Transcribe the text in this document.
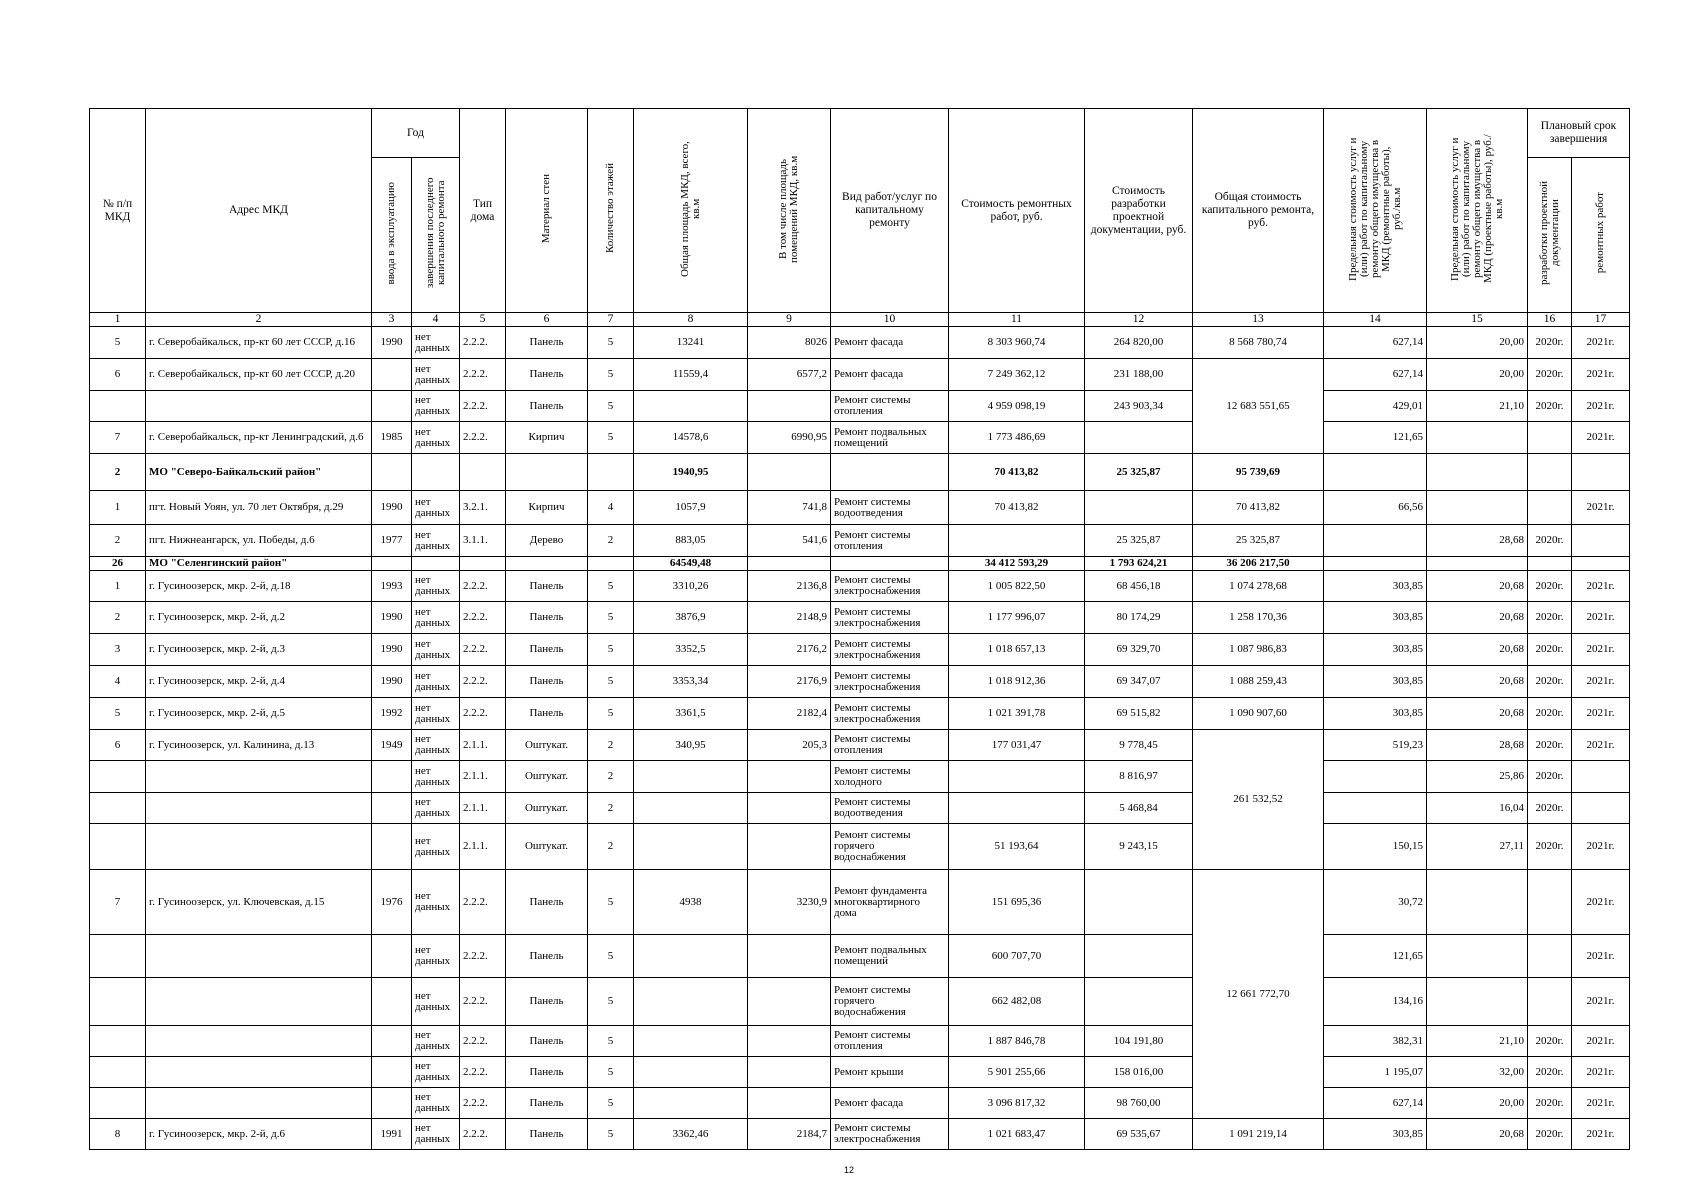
№ п/п МКД	Адрес МКД	Год		Тип дома	Материал стен	Количество этажей	Общая площадь МКД, всего, кв.м	В том числе площадь помещений МКД, кв.м	Вид работ/услуг по капитальному ремонту	Стоимость ремонтных работ, руб.	Стоимость разработки проектной документации, руб.	Общая стоимость капитального ремонта, руб.	Предельная стоимость услуг и (или) работ по капитальному ремонту общего имущества в МКД (ремонтные работы), руб./кв.м	Предельная стоимость услуг и (или) работ по капитальному ремонту общего имущества в МКД (проектные работы), руб./кв.м	Плановый срок завершения	
		ввода в эксплуатацию	завершения последнего капитального ремонта												разработки проектной документации	ремонтных работ
1	2	3	4	5	6	7	8	9	10	11	12	13	14	15	16	17
5	г. Северобайкальск, пр-кт 60 лет СССР, д.16	1990	нет данных	2.2.2.	Панель	5	13241	8026	Ремонт фасада	8 303 960,74	264 820,00	8 568 780,74	627,14	20,00	2020г.	2021г.
6	г. Северобайкальск, пр-кт 60 лет СССР, д.20		нет данных	2.2.2.	Панель	5	11559,4	6577,2	Ремонт фасада	7 249 362,12	231 188,00	12 683 551,65	627,14	20,00	2020г.	2021г.
			нет данных	2.2.2.	Панель	5			Ремонт системы отопления	4 959 098,19	243 903,34		429,01	21,10	2020г.	2021г.
7	г. Северобайкальск, пр-кт Ленинградский, д.6	1985	нет данных	2.2.2.	Кирпич	5	14578,6	6990,95	Ремонт подвальных помещений	1 773 486,69			121,65			2021г.
2	МО "Северо-Байкальский район"						1940,95			70 413,82	25 325,87	95 739,69				
1	пгт. Новый Уоян, ул. 70 лет Октября, д.29	1990	нет данных	3.2.1.	Кирпич	4	1057,9	741,8	Ремонт системы водоотведения	70 413,82		70 413,82	66,56			2021г.
2	пгт. Нижнеангарск, ул. Победы, д.6	1977	нет данных	3.1.1.	Дерево	2	883,05	541,6	Ремонт системы отопления		25 325,87	25 325,87		28,68	2020г.	
26	МО "Селенгинский район"						64549,48			34 412 593,29	1 793 624,21	36 206 217,50				
1	г. Гусиноозерск, мкр. 2-й, д.18	1993	нет данных	2.2.2.	Панель	5	3310,26	2136,8	Ремонт системы электроснабжения	1 005 822,50	68 456,18	1 074 278,68	303,85	20,68	2020г.	2021г.
2	г. Гусиноозерск, мкр. 2-й, д.2	1990	нет данных	2.2.2.	Панель	5	3876,9	2148,9	Ремонт системы электроснабжения	1 177 996,07	80 174,29	1 258 170,36	303,85	20,68	2020г.	2021г.
3	г. Гусиноозерск, мкр. 2-й, д.3	1990	нет данных	2.2.2.	Панель	5	3352,5	2176,2	Ремонт системы электроснабжения	1 018 657,13	69 329,70	1 087 986,83	303,85	20,68	2020г.	2021г.
4	г. Гусиноозерск, мкр. 2-й, д.4	1990	нет данных	2.2.2.	Панель	5	3353,34	2176,9	Ремонт системы электроснабжения	1 018 912,36	69 347,07	1 088 259,43	303,85	20,68	2020г.	2021г.
5	г. Гусиноозерск, мкр. 2-й, д.5	1992	нет данных	2.2.2.	Панель	5	3361,5	2182,4	Ремонт системы электроснабжения	1 021 391,78	69 515,82	1 090 907,60	303,85	20,68	2020г.	2021г.
6	г. Гусиноозерск, ул. Калинина, д.13	1949	нет данных	2.1.1.	Оштукат.	2	340,95	205,3	Ремонт системы отопления	177 031,47	9 778,45	261 532,52	519,23	28,68	2020г.	2021г.
			нет данных	2.1.1.	Оштукат.	2			Ремонт системы холодного		8 816,97			25,86	2020г.	
			нет данных	2.1.1.	Оштукат.	2			Ремонт системы водоотведения		5 468,84			16,04	2020г.	
			нет данных	2.1.1.	Оштукат.	2			Ремонт системы горячего водоснабжения	51 193,64	9 243,15		150,15	27,11	2020г.	2021г.
7	г. Гусиноозерск, ул. Ключевская, д.15	1976	нет данных	2.2.2.	Панель	5	4938	3230,9	Ремонт фундамента многоквартирного дома	151 695,36		12 661 772,70	30,72			2021г.
			нет данных	2.2.2.	Панель	5			Ремонт подвальных помещений	600 707,70			121,65			2021г.
			нет данных	2.2.2.	Панель	5			Ремонт системы горячего водоснабжения	662 482,08			134,16			2021г.
			нет данных	2.2.2.	Панель	5			Ремонт системы отопления	1 887 846,78	104 191,80		382,31	21,10	2020г.	2021г.
			нет данных	2.2.2.	Панель	5			Ремонт крыши	5 901 255,66	158 016,00		1 195,07	32,00	2020г.	2021г.
			нет данных	2.2.2.	Панель	5			Ремонт фасада	3 096 817,32	98 760,00		627,14	20,00	2020г.	2021г.
8	г. Гусиноозерск, мкр. 2-й, д.6	1991	нет данных	2.2.2.	Панель	5	3362,46	2184,7	Ремонт системы электроснабжения	1 021 683,47	69 535,67	1 091 219,14	303,85	20,68	2020г.	2021г.
12
